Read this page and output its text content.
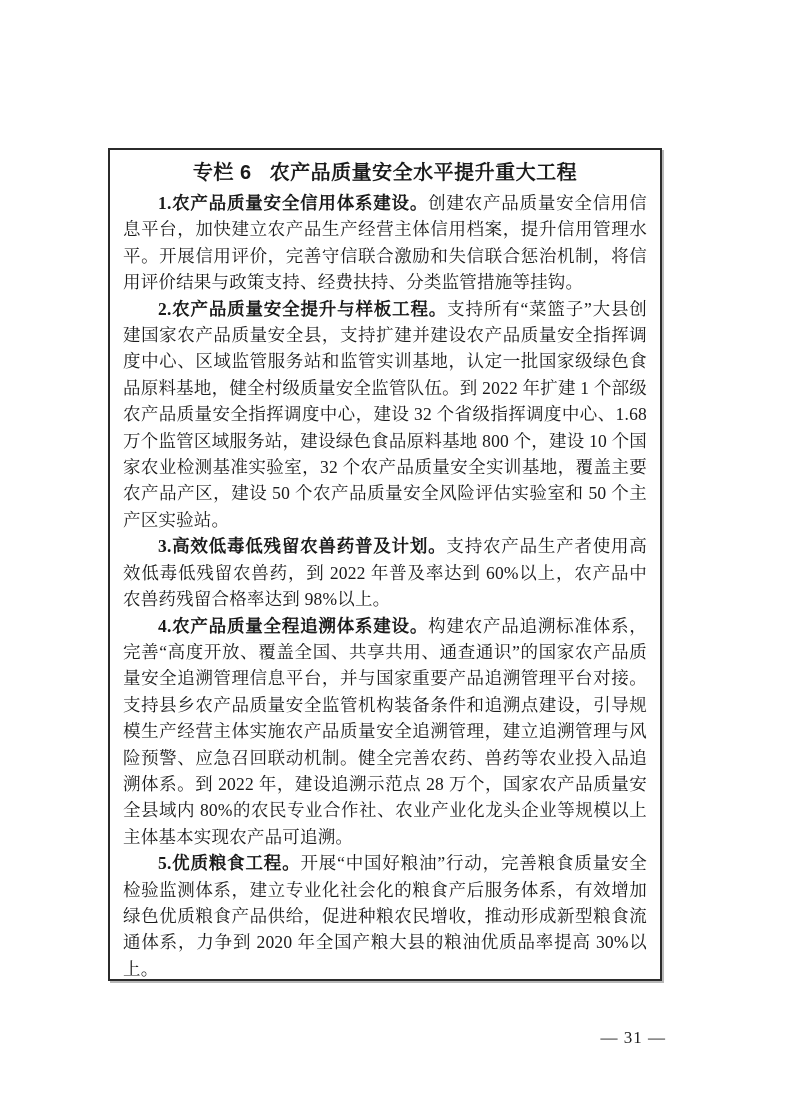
专栏 6 农产品质量安全水平提升重大工程

1.农产品质量安全信用体系建设。创建农产品质量安全信用信息平台，加快建立农产品生产经营主体信用档案，提升信用管理水平。开展信用评价，完善守信联合激励和失信联合惩治机制，将信用评价结果与政策支持、经费扶持、分类监管措施等挂钩。

2.农产品质量安全提升与样板工程。支持所有“菜篮子”大县创建国家农产品质量安全县，支持扩建并建设农产品质量安全指挥调度中心、区域监管服务站和监管实训基地，认定一批国家级绿色食品原料基地，健全村级质量安全监管队伍。到 2022 年扩建 1 个部级农产品质量安全指挥调度中心，建设 32 个省级指挥调度中心、1.68 万个监管区域服务站，建设绿色食品原料基地 800 个，建设 10 个国家农业检测基准实验室，32 个农产品质量安全实训基地，覆盖主要农产品产区，建设 50 个农产品质量安全风险评估实验室和 50 个主产区实验站。

3.高效低毒低残留农兽药普及计划。支持农产品生产者使用高效低毒低残留农兽药，到 2022 年普及率达到 60%以上，农产品中农兽药残留合格率达到 98%以上。

4.农产品质量全程追溯体系建设。构建农产品追溯标准体系，完善“高度开放、覆盖全国、共享共用、通查通识”的国家农产品质量安全追溯管理信息平台，并与国家重要产品追溯管理平台对接。支持县乡农产品质量安全监管机构装备条件和追溯点建设，引导规模生产经营主体实施农产品质量安全追溯管理，建立追溯管理与风险预警、应急召回联动机制。健全完善农药、兽药等农业投入品追溯体系。到 2022 年，建设追溯示范点 28 万个，国家农产品质量安全县域内 80%的农民专业合作社、农业产业化龙头企业等规模以上主体基本实现农产品可追溯。

5.优质粮食工程。开展“中国好粮油”行动，完善粮食质量安全检验监测体系，建立专业化社会化的粮食产后服务体系，有效增加绿色优质粮食产品供给，促进种粮农民增收，推动形成新型粮食流通体系，力争到 2020 年全国产粮大县的粮油优质品率提高 30%以上。

— 31 —
